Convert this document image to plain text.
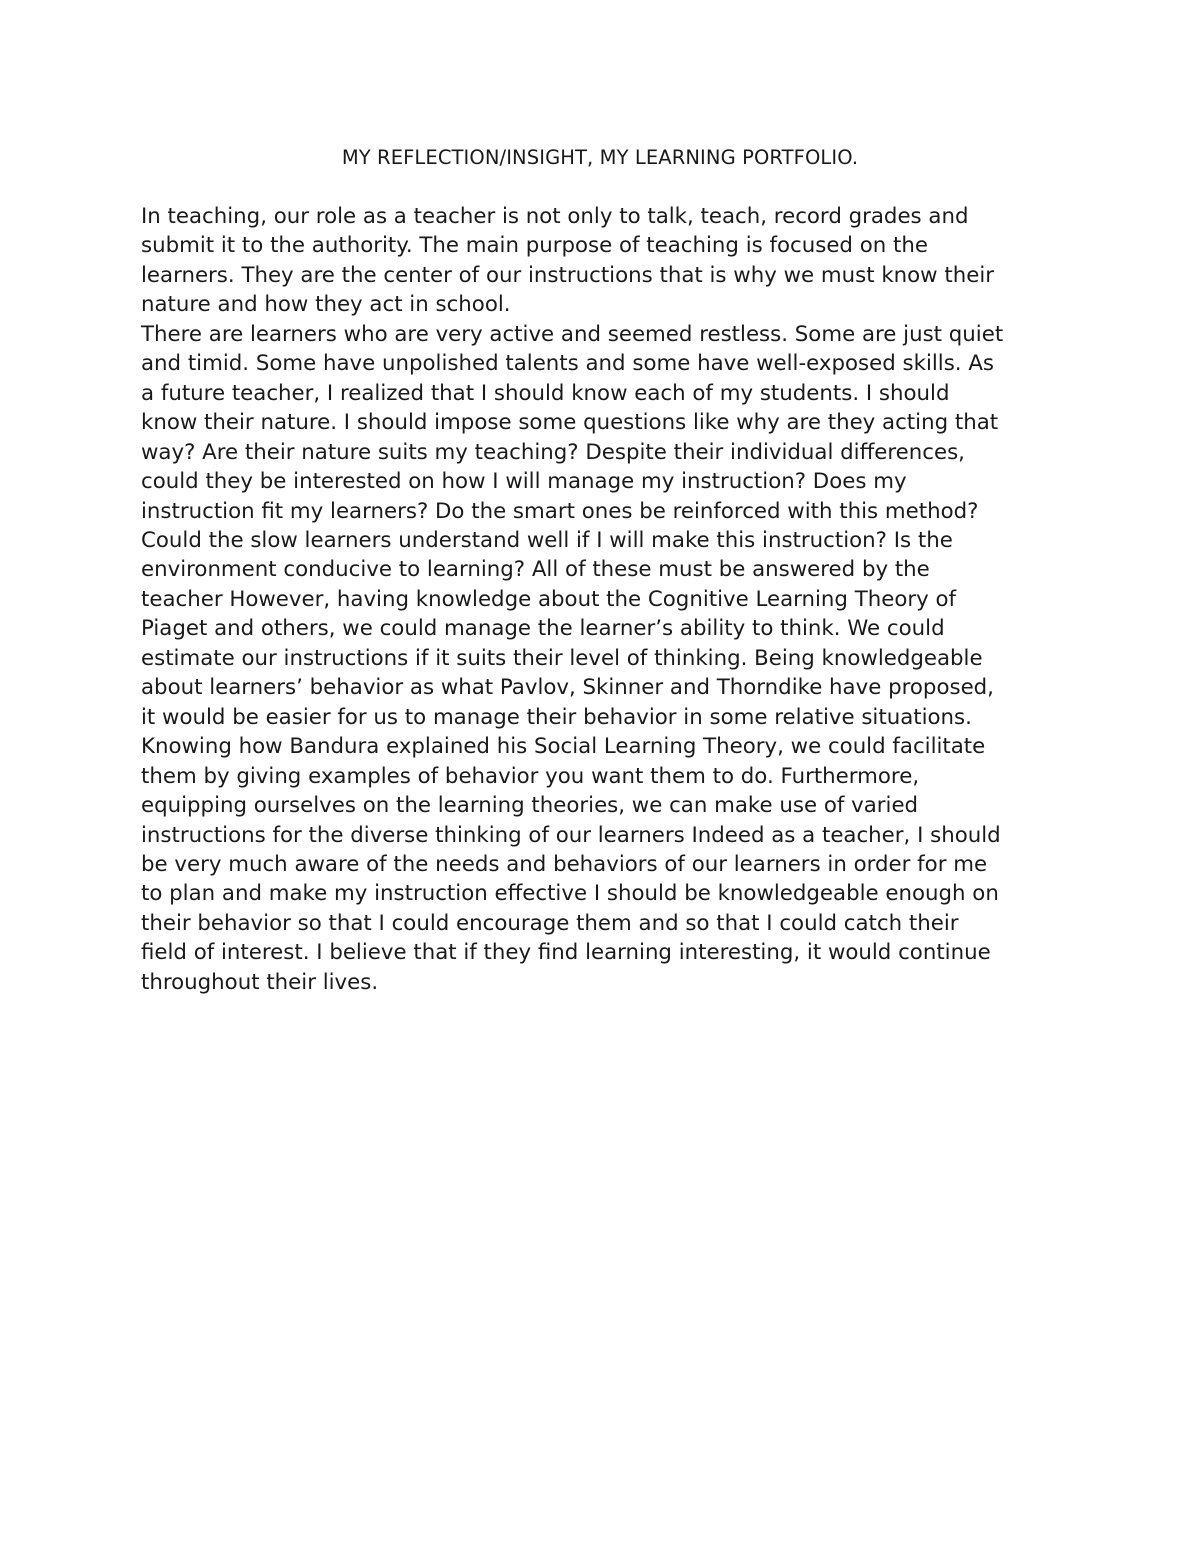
MY REFLECTION/INSIGHT, MY LEARNING PORTFOLIO.
In teaching, our role as a teacher is not only to talk, teach, record grades and
submit it to the authority. The main purpose of teaching is focused on the
learners. They are the center of our instructions that is why we must know their
nature and how they act in school.
There are learners who are very active and seemed restless. Some are just quiet
and timid. Some have unpolished talents and some have well-exposed skills. As
a future teacher, I realized that I should know each of my students. I should
know their nature. I should impose some questions like why are they acting that
way? Are their nature suits my teaching? Despite their individual differences,
could they be interested on how I will manage my instruction? Does my
instruction fit my learners? Do the smart ones be reinforced with this method?
Could the slow learners understand well if I will make this instruction? Is the
environment conducive to learning? All of these must be answered by the
teacher However, having knowledge about the Cognitive Learning Theory of
Piaget and others, we could manage the learner’s ability to think. We could
estimate our instructions if it suits their level of thinking. Being knowledgeable
about learners’ behavior as what Pavlov, Skinner and Thorndike have proposed,
it would be easier for us to manage their behavior in some relative situations.
Knowing how Bandura explained his Social Learning Theory, we could facilitate
them by giving examples of behavior you want them to do. Furthermore,
equipping ourselves on the learning theories, we can make use of varied
instructions for the diverse thinking of our learners Indeed as a teacher, I should
be very much aware of the needs and behaviors of our learners in order for me
to plan and make my instruction effective I should be knowledgeable enough on
their behavior so that I could encourage them and so that I could catch their
field of interest. I believe that if they find learning interesting, it would continue
throughout their lives.
